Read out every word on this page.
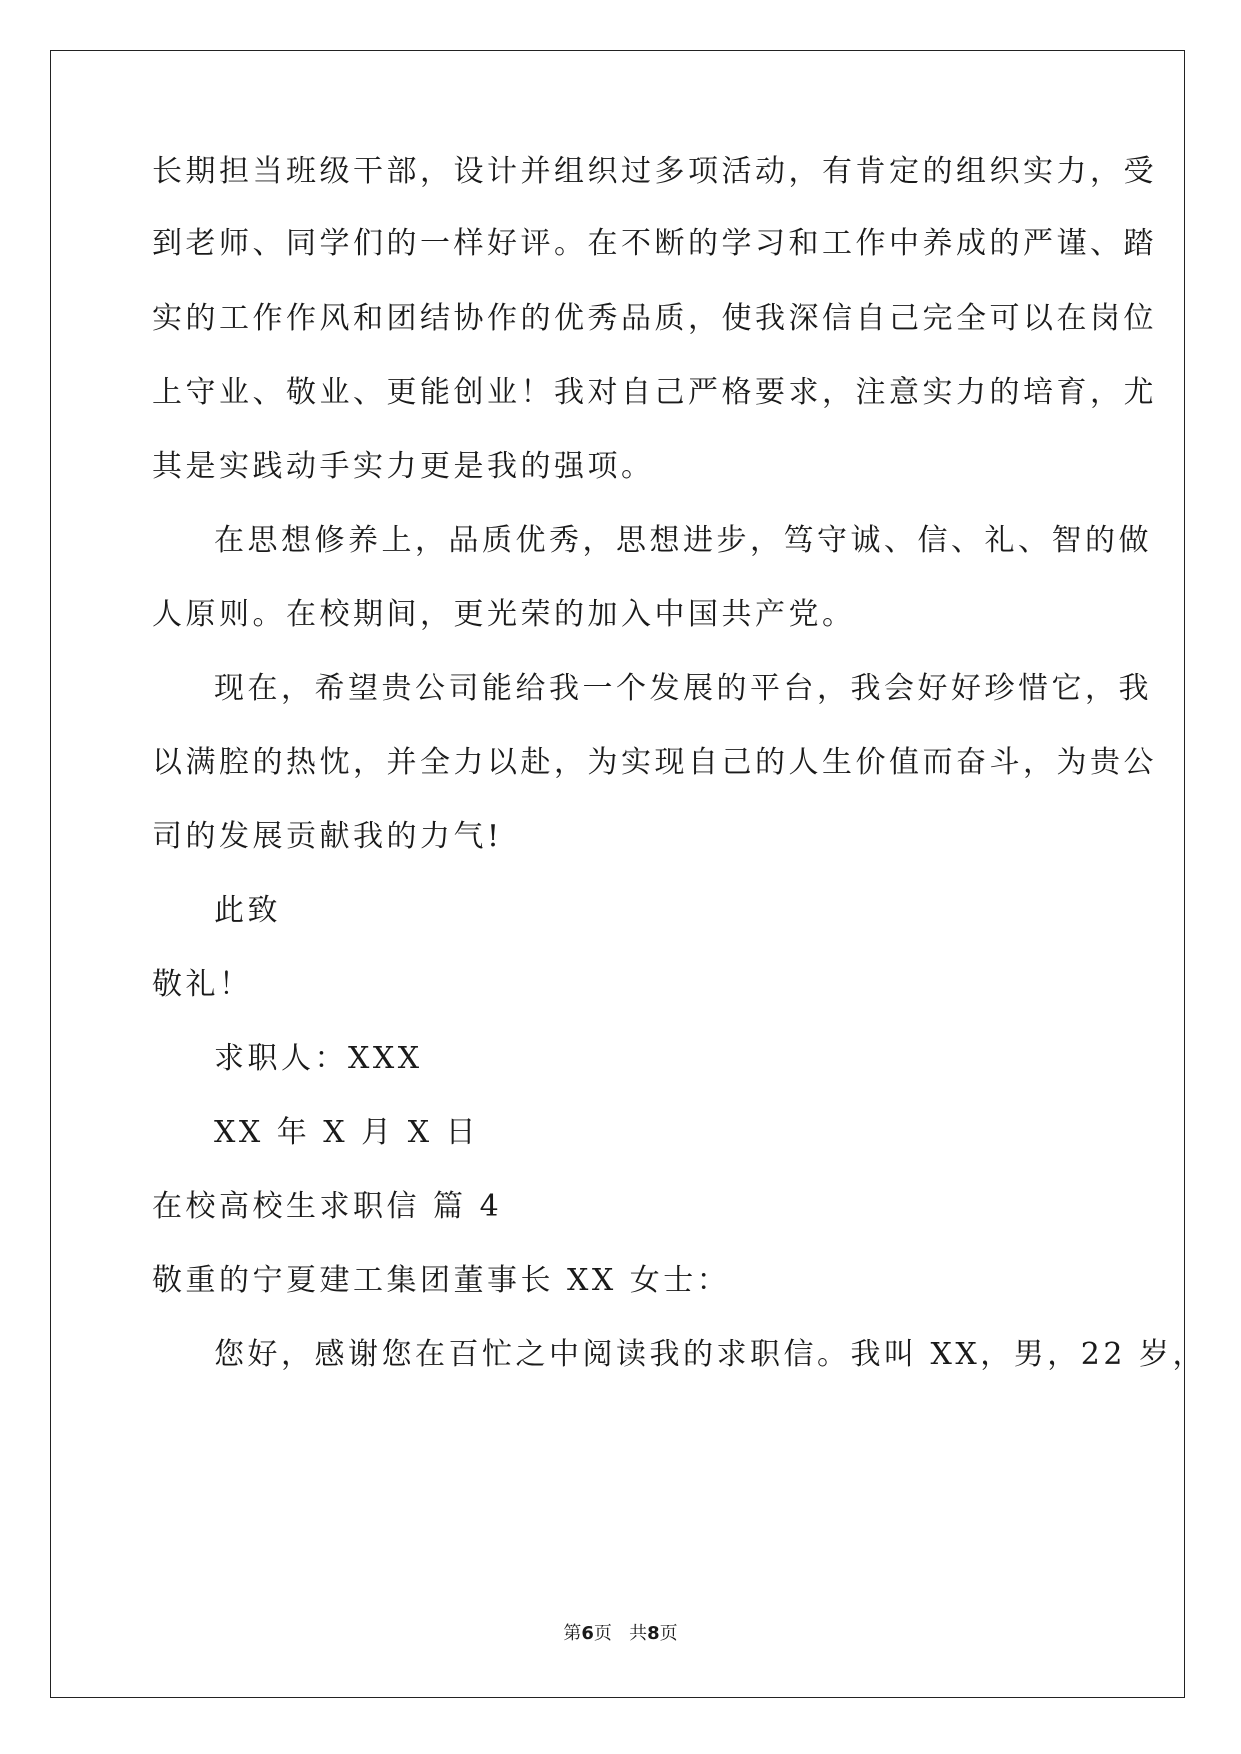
长期担当班级干部，设计并组织过多项活动，有肯定的组织实力，受
到老师、同学们的一样好评。在不断的学习和工作中养成的严谨、踏
实的工作作风和团结协作的优秀品质，使我深信自己完全可以在岗位
上守业、敬业、更能创业！我对自己严格要求，注意实力的培育，尤
其是实践动手实力更是我的强项。
在思想修养上，品质优秀，思想进步，笃守诚、信、礼、智的做
人原则。在校期间，更光荣的加入中国共产党。
现在，希望贵公司能给我一个发展的平台，我会好好珍惜它，我
以满腔的热忱，并全力以赴，为实现自己的人生价值而奋斗，为贵公
司的发展贡献我的力气!
此致
敬礼！
求职人：XXX
XX 年 X 月 X 日
在校高校生求职信 篇 4
敬重的宁夏建工集团董事长 XX 女士：
您好，感谢您在百忙之中阅读我的求职信。我叫 XX，男，22 岁，
第6页   共8页
